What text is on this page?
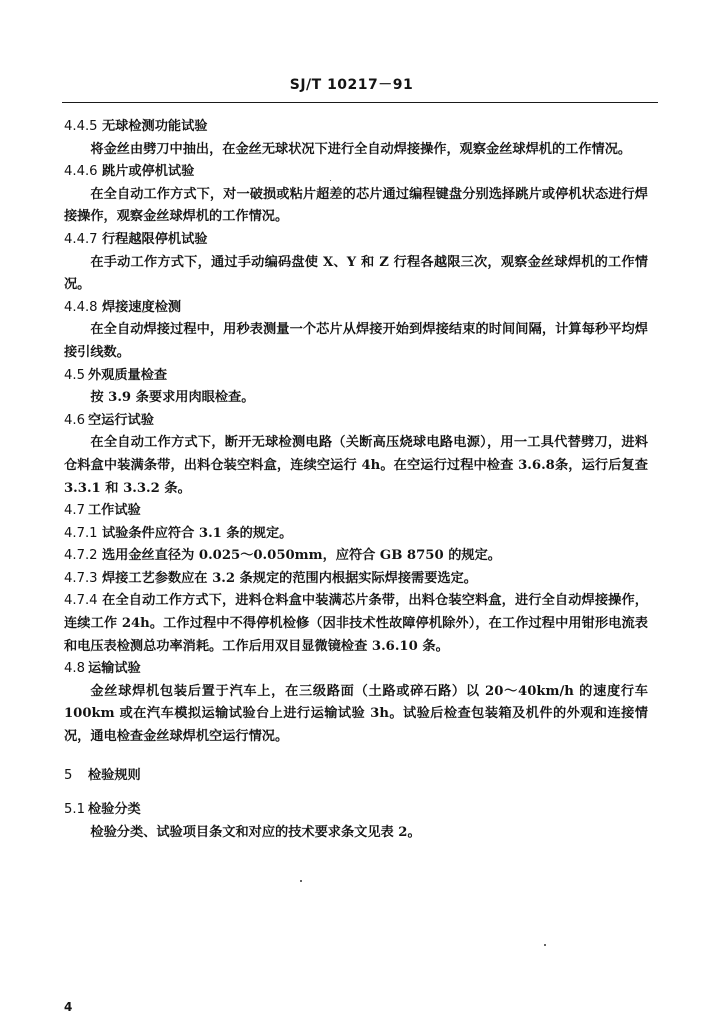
SJ/T 10217－91
4.4.5 无球检测功能试验
将金丝由劈刀中抽出，在金丝无球状况下进行全自动焊接操作，观察金丝球焊机的工作情况。
4.4.6 跳片或停机试验
在全自动工作方式下，对一破损或粘片超差的芯片通过编程键盘分别选择跳片或停机状态进行焊接操作，观察金丝球焊机的工作情况。
4.4.7 行程越限停机试验
在手动工作方式下，通过手动编码盘使 X、Y 和 Z 行程各越限三次，观察金丝球焊机的工作情况。
4.4.8 焊接速度检测
在全自动焊接过程中，用秒表测量一个芯片从焊接开始到焊接结束的时间间隔，计算每秒平均焊接引线数。
4.5 外观质量检查
按 3.9 条要求用肉眼检查。
4.6 空运行试验
在全自动工作方式下，断开无球检测电路（关断高压烧球电路电源），用一工具代替劈刀，进料仓料盒中装满条带，出料仓装空料盒，连续空运行 4h。在空运行过程中检查 3.6.8条，运行后复查 3.3.1 和 3.3.2 条。
4.7 工作试验
4.7.1 试验条件应符合 3.1 条的规定。
4.7.2 选用金丝直径为 0.025～0.050mm，应符合 GB 8750 的规定。
4.7.3 焊接工艺参数应在 3.2 条规定的范围内根据实际焊接需要选定。
4.7.4 在全自动工作方式下，进料仓料盒中装满芯片条带，出料仓装空料盒，进行全自动焊接操作，连续工作 24h。工作过程中不得停机检修（因非技术性故障停机除外），在工作过程中用钳形电流表和电压表检测总功率消耗。工作后用双目显微镜检查 3.6.10 条。
4.8 运输试验
金丝球焊机包装后置于汽车上，在三级路面（土路或碎石路）以 20～40km/h 的速度行车 100km 或在汽车模拟运输试验台上进行运输试验 3h。试验后检查包装箱及机件的外观和连接情况，通电检查金丝球焊机空运行情况。
5 检验规则
5.1 检验分类
检验分类、试验项目条文和对应的技术要求条文见表 2。
4
